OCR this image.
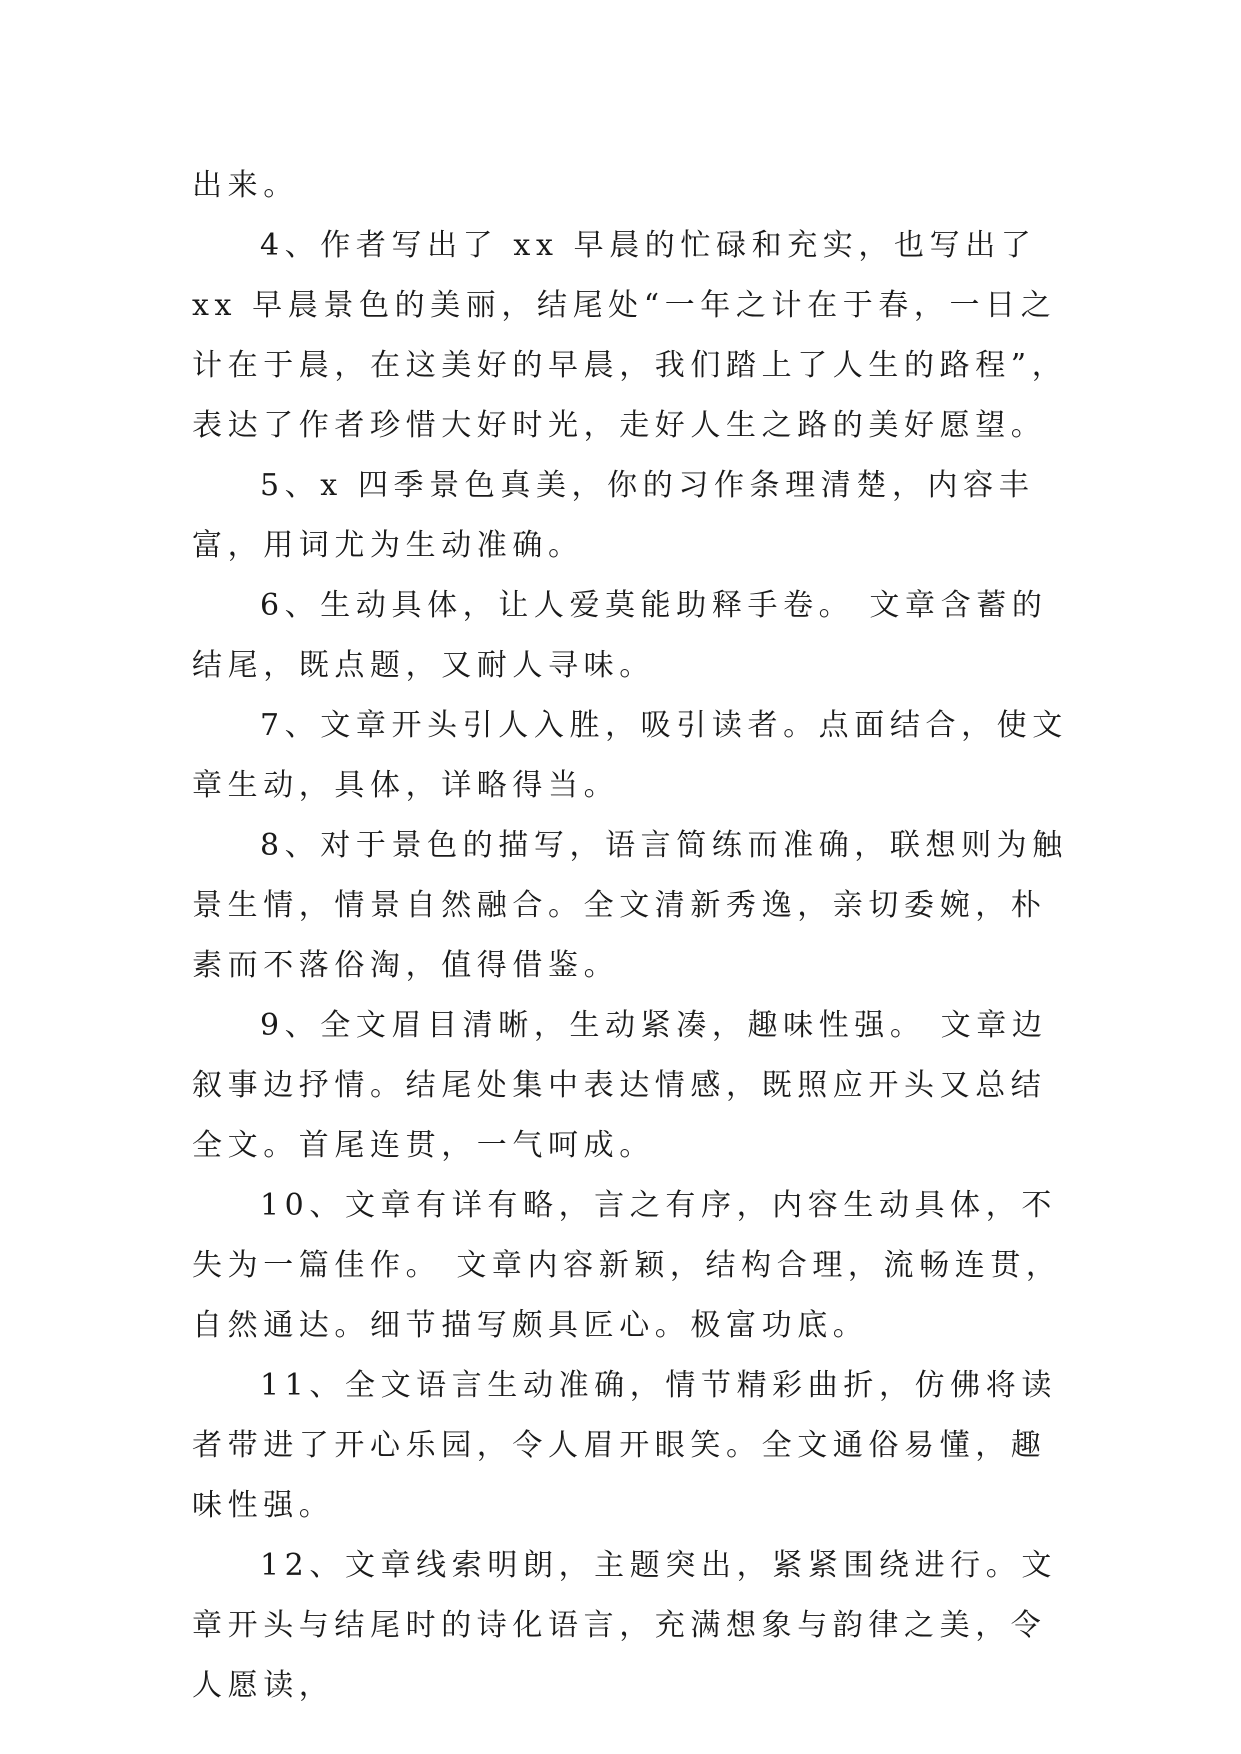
出来。

4、作者写出了 xx 早晨的忙碌和充实，也写出了 xx 早晨景色的美丽，结尾处“一年之计在于春，一日之计在于晨，在这美好的早晨，我们踏上了人生的路程”，表达了作者珍惜大好时光，走好人生之路的美好愿望。

5、x 四季景色真美，你的习作条理清楚，内容丰富，用词尤为生动准确。

6、生动具体，让人爱莫能助释手卷。 文章含蓄的结尾，既点题，又耐人寻味。

7、文章开头引人入胜，吸引读者。点面结合，使文章生动，具体，详略得当。

8、对于景色的描写，语言简练而准确，联想则为触景生情，情景自然融合。全文清新秀逸，亲切委婉，朴素而不落俗淘，值得借鉴。

9、全文眉目清晰，生动紧凑，趣味性强。 文章边叙事边抒情。结尾处集中表达情感，既照应开头又总结全文。首尾连贯，一气呵成。

10、文章有详有略，言之有序，内容生动具体，不失为一篇佳作。 文章内容新颖，结构合理，流畅连贯，自然通达。细节描写颇具匠心。极富功底。

11、全文语言生动准确，情节精彩曲折，仿佛将读者带进了开心乐园，令人眉开眼笑。全文通俗易懂，趣味性强。

12、文章线索明朗，主题突出，紧紧围绕进行。文章开头与结尾时的诗化语言，充满想象与韵律之美，令人愿读，
